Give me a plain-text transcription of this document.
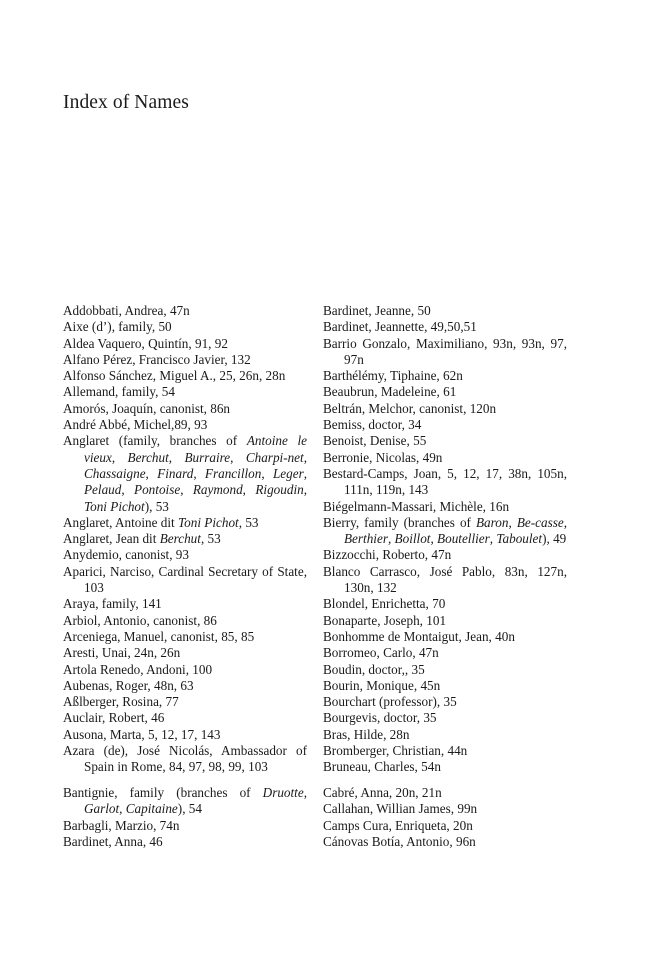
Index of Names
Addobbati, Andrea, 47n
Aixe (d’), family, 50
Aldea Vaquero, Quintín, 91, 92
Alfano Pérez, Francisco Javier, 132
Alfonso Sánchez, Miguel A., 25, 26n, 28n
Allemand, family, 54
Amorós, Joaquín, canonist, 86n
André Abbé, Michel,89, 93
Anglaret (family, branches of Antoine le vieux, Berchut, Burraire, Charpi-net, Chassaigne, Finard, Francillon, Leger, Pelaud, Pontoise, Raymond, Rigoudin, Toni Pichot), 53
Anglaret, Antoine dit Toni Pichot, 53
Anglaret, Jean dit Berchut, 53
Anydemio, canonist, 93
Aparici, Narciso, Cardinal Secretary of State, 103
Araya, family, 141
Arbiol, Antonio, canonist, 86
Arceniega, Manuel, canonist, 85, 85
Aresti, Unai, 24n, 26n
Artola Renedo, Andoni, 100
Aubenas, Roger, 48n, 63
Aßlberger, Rosina, 77
Auclair, Robert, 46
Ausona, Marta, 5, 12, 17, 143
Azara (de), José Nicolás, Ambassador of Spain in Rome, 84, 97, 98, 99, 103
Bantignie, family (branches of Druotte, Garlot, Capitaine), 54
Barbagli, Marzio, 74n
Bardinet, Anna, 46
Bardinet, Jeanne, 50
Bardinet, Jeannette, 49,50,51
Barrio Gonzalo, Maximiliano, 93n, 93n, 97, 97n
Barthélémy, Tiphaine, 62n
Beaubrun, Madeleine, 61
Beltrán, Melchor, canonist, 120n
Bemiss, doctor, 34
Benoist, Denise, 55
Berronie, Nicolas, 49n
Bestard-Camps, Joan, 5, 12, 17, 38n, 105n, 111n, 119n, 143
Biégelmann-Massari, Michèle, 16n
Bierry, family (branches of Baron, Be-casse, Berthier, Boillot, Boutellier, Taboulet), 49
Bizzocchi, Roberto, 47n
Blanco Carrasco, José Pablo, 83n, 127n, 130n, 132
Blondel, Enrichetta, 70
Bonaparte, Joseph, 101
Bonhomme de Montaigut, Jean, 40n
Borromeo, Carlo, 47n
Boudin, doctor,, 35
Bourin, Monique, 45n
Bourchart (professor), 35
Bourgevis, doctor, 35
Bras, Hilde, 28n
Bromberger, Christian, 44n
Bruneau, Charles, 54n
Cabré, Anna, 20n, 21n
Callahan, Willian James, 99n
Camps Cura, Enriqueta, 20n
Cánovas Botía, Antonio, 96n
